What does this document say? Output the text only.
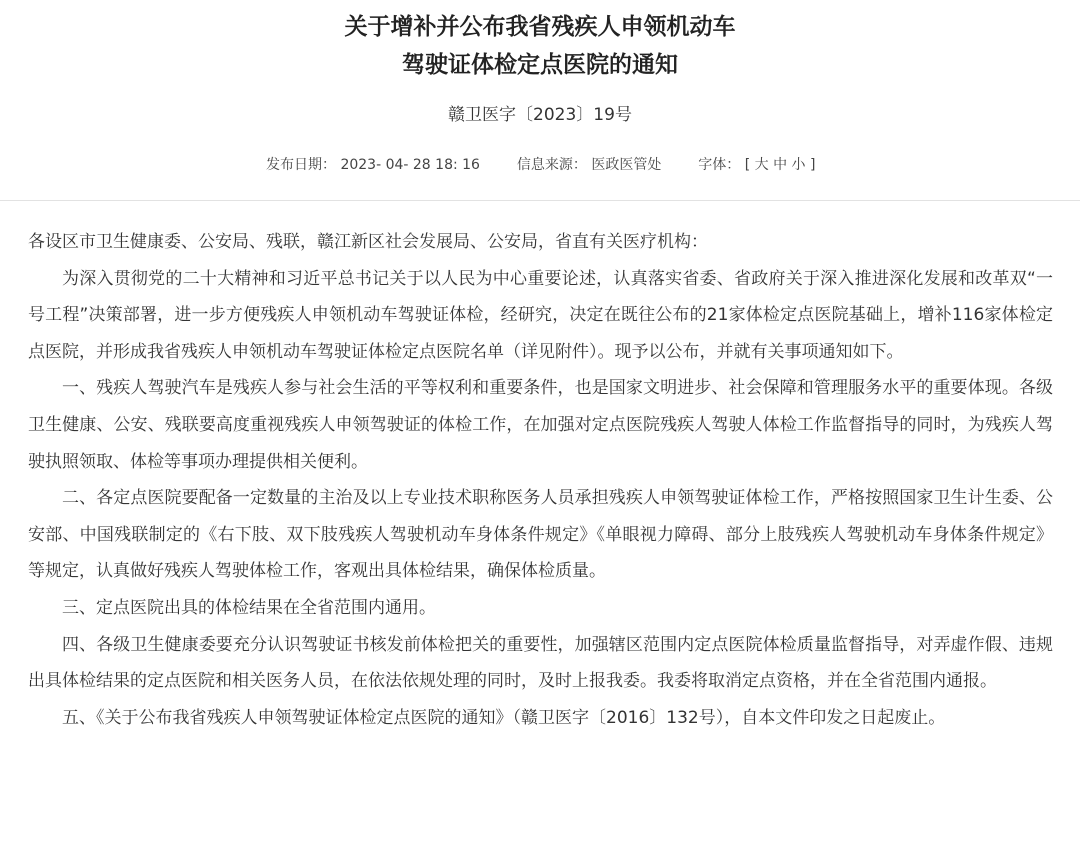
关于增补并公布我省残疾人申领机动车
驾驶证体检定点医院的通知
赣卫医字〔2023〕19号
发布日期： 2023- 04- 28 18: 16	信息来源： 医政医管处	字体： [ 大 中 小 ]

各设区市卫生健康委、公安局、残联，赣江新区社会发展局、公安局，省直有关医疗机构：

为深入贯彻党的二十大精神和习近平总书记关于以人民为中心重要论述，认真落实省委、省政府关于深入推进深化发展和改革双“一号工程”决策部署，进一步方便残疾人申领机动车驾驶证体检，经研究，决定在既往公布的21家体检定点医院基础上，增补116家体检定点医院，并形成我省残疾人申领机动车驾驶证体检定点医院名单（详见附件）。现予以公布，并就有关事项通知如下。

一、残疾人驾驶汽车是残疾人参与社会生活的平等权利和重要条件，也是国家文明进步、社会保障和管理服务水平的重要体现。各级卫生健康、公安、残联要高度重视残疾人申领驾驶证的体检工作，在加强对定点医院残疾人驾驶人体检工作监督指导的同时，为残疾人驾驶执照领取、体检等事项办理提供相关便利。

二、各定点医院要配备一定数量的主治及以上专业技术职称医务人员承担残疾人申领驾驶证体检工作，严格按照国家卫生计生委、公安部、中国残联制定的《右下肢、双下肢残疾人驾驶机动车身体条件规定》《单眼视力障碍、部分上肢残疾人驾驶机动车身体条件规定》等规定，认真做好残疾人驾驶体检工作，客观出具体检结果，确保体检质量。

三、定点医院出具的体检结果在全省范围内通用。

四、各级卫生健康委要充分认识驾驶证书核发前体检把关的重要性，加强辖区范围内定点医院体检质量监督指导，对弄虚作假、违规出具体检结果的定点医院和相关医务人员，在依法依规处理的同时，及时上报我委。我委将取消定点资格，并在全省范围内通报。

五、《关于公布我省残疾人申领驾驶证体检定点医院的通知》（赣卫医字〔2016〕132号），自本文件印发之日起废止。
